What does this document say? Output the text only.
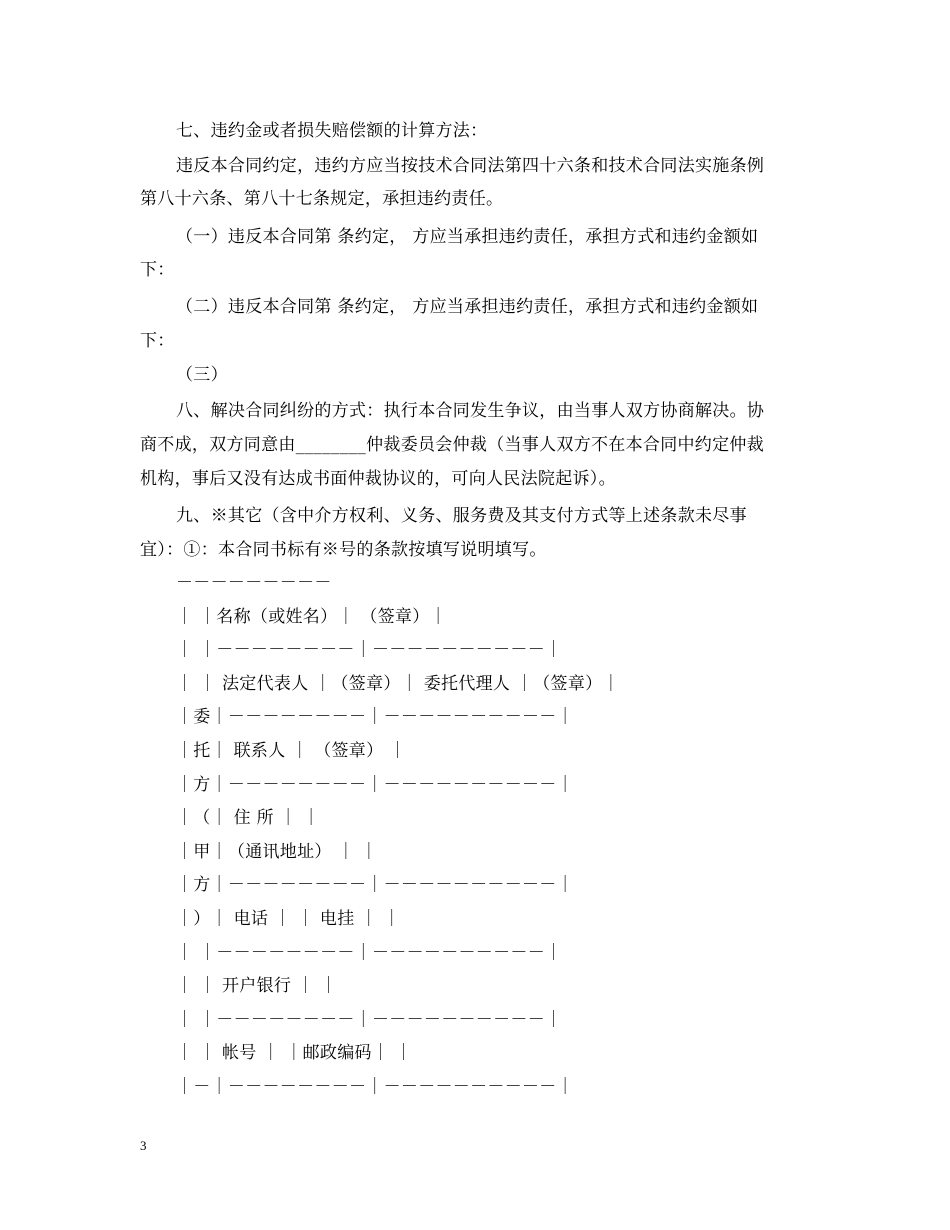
七、违约金或者损失赔偿额的计算方法：
违反本合同约定，违约方应当按技术合同法第四十六条和技术合同法实施条例
第八十六条、第八十七条规定，承担违约责任。
（一）违反本合同第 条约定， 方应当承担违约责任，承担方式和违约金额如
下：
（二）违反本合同第 条约定， 方应当承担违约责任，承担方式和违约金额如
下：
（三）
八、解决合同纠纷的方式：执行本合同发生争议，由当事人双方协商解决。协
商不成，双方同意由________仲裁委员会仲裁（当事人双方不在本合同中约定仲裁
机构，事后又没有达成书面仲裁协议的，可向人民法院起诉）。
九、※其它（含中介方权利、义务、服务费及其支付方式等上述条款未尽事
宜）：①：本合同书标有※号的条款按填写说明填写。
－－－－－－－－－
｜ ｜名称（或姓名）｜ （签章）｜
｜ ｜－－－－－－－－｜－－－－－－－－－－｜
｜ ｜ 法定代表人 ｜（签章）｜ 委托代理人 ｜（签章）｜
｜委｜－－－－－－－－｜－－－－－－－－－－｜
｜托｜ 联系人 ｜ （签章） ｜
｜方｜－－－－－－－－｜－－－－－－－－－－｜
｜（｜ 住 所 ｜ ｜
｜甲｜（通讯地址） ｜ ｜
｜方｜－－－－－－－－｜－－－－－－－－－－｜
｜）｜ 电话 ｜ ｜ 电挂 ｜ ｜
｜ ｜－－－－－－－－｜－－－－－－－－－－｜
｜ ｜ 开户银行 ｜ ｜
｜ ｜－－－－－－－－｜－－－－－－－－－－｜
｜ ｜ 帐号 ｜ ｜邮政编码｜ ｜
｜－｜－－－－－－－－｜－－－－－－－－－－｜
3
